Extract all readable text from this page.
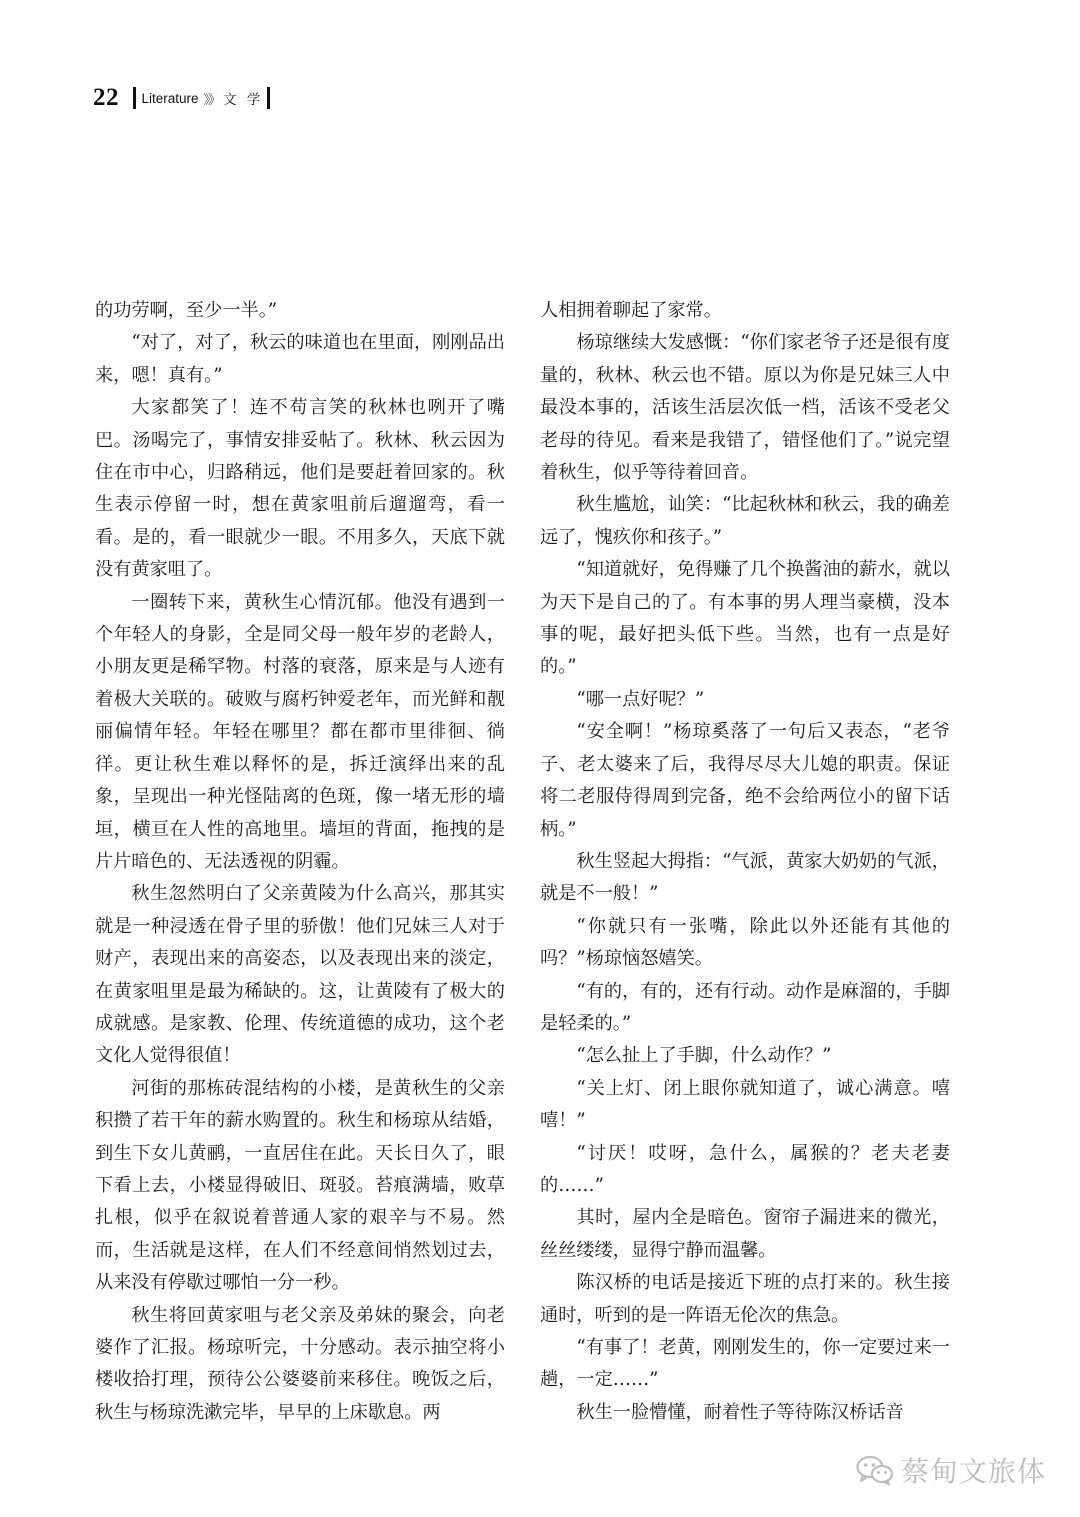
22 Literature 》》 文 学

的功劳啊，至少一半。”

“对了，对了，秋云的味道也在里面，刚刚品出来，嗯！真有。”

大家都笑了！连不苟言笑的秋林也咧开了嘴巴。汤喝完了，事情安排妥帖了。秋林、秋云因为住在市中心，归路稍远，他们是要赶着回家的。秋生表示停留一时，想在黄家咀前后遛遛弯，看一看。是的，看一眼就少一眼。不用多久，天底下就没有黄家咀了。

一圈转下来，黄秋生心情沉郁。他没有遇到一个年轻人的身影，全是同父母一般年岁的老龄人，小朋友更是稀罕物。村落的衰落，原来是与人迹有着极大关联的。破败与腐朽钟爱老年，而光鲜和靓丽偏情年轻。年轻在哪里？都在都市里徘徊、徜徉。更让秋生难以释怀的是，拆迁演绎出来的乱象，呈现出一种光怪陆离的色斑，像一堵无形的墙垣，横亘在人性的高地里。墙垣的背面，拖拽的是片片暗色的、无法透视的阴霾。

秋生忽然明白了父亲黄陵为什么高兴，那其实就是一种浸透在骨子里的骄傲！他们兄妹三人对于财产，表现出来的高姿态，以及表现出来的淡定，在黄家咀里是最为稀缺的。这，让黄陵有了极大的成就感。是家教、伦理、传统道德的成功，这个老文化人觉得很值！

河街的那栋砖混结构的小楼，是黄秋生的父亲积攒了若干年的薪水购置的。秋生和杨琼从结婚，到生下女儿黄鹂，一直居住在此。天长日久了，眼下看上去，小楼显得破旧、斑驳。苔痕满墙，败草扎根，似乎在叙说着普通人家的艰辛与不易。然而，生活就是这样，在人们不经意间悄然划过去，从来没有停歇过哪怕一分一秒。

秋生将回黄家咀与老父亲及弟妹的聚会，向老婆作了汇报。杨琼听完，十分感动。表示抽空将小楼收拾打理，预待公公婆婆前来移住。晚饭之后，秋生与杨琼洗漱完毕，早早的上床歇息。两

人相拥着聊起了家常。

杨琼继续大发感慨：“你们家老爷子还是很有度量的，秋林、秋云也不错。原以为你是兄妹三人中最没本事的，活该生活层次低一档，活该不受老父老母的待见。看来是我错了，错怪他们了。”说完望着秋生，似乎等待着回音。

秋生尴尬，讪笑：“比起秋林和秋云，我的确差远了，愧疚你和孩子。”

“知道就好，免得赚了几个换酱油的薪水，就以为天下是自己的了。有本事的男人理当豪横，没本事的呢，最好把头低下些。当然，也有一点是好的。”

“哪一点好呢？”

“安全啊！”杨琼奚落了一句后又表态，“老爷子、老太婆来了后，我得尽尽大儿媳的职责。保证将二老服侍得周到完备，绝不会给两位小的留下话柄。”

秋生竖起大拇指：“气派，黄家大奶奶的气派，就是不一般！”

“你就只有一张嘴，除此以外还能有其他的吗？”杨琼恼怒嬉笑。

“有的，有的，还有行动。动作是麻溜的，手脚是轻柔的。”

“怎么扯上了手脚，什么动作？”

“关上灯、闭上眼你就知道了，诚心满意。嘻嘻！”

“讨厌！哎呀，急什么，属猴的？老夫老妻的……”

其时，屋内全是暗色。窗帘子漏进来的微光，丝丝缕缕，显得宁静而温馨。

陈汉桥的电话是接近下班的点打来的。秋生接通时，听到的是一阵语无伦次的焦急。

“有事了！老黄，刚刚发生的，你一定要过来一趟，一定……”

秋生一脸懵懂，耐着性子等待陈汉桥话音

蔡甸文旅体
